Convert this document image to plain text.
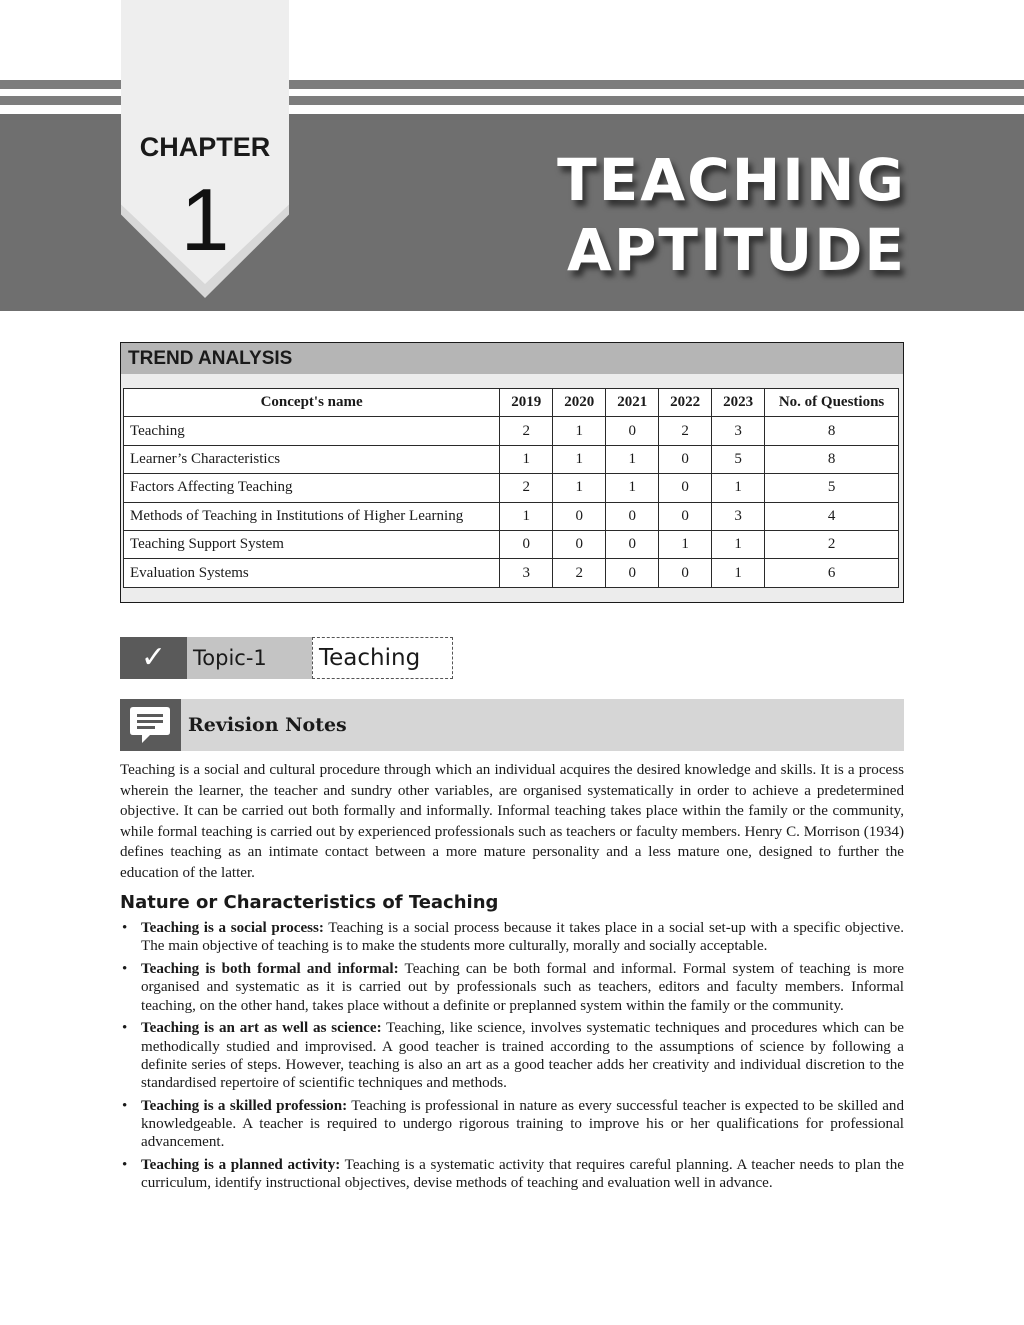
CHAPTER
1	TEACHING
APTITUDE
TREND ANALYSIS
Concept's name	2019	2020	2021	2022	2023	No. of Questions
Teaching	2	1	0	2	3	8
Learner’s Characteristics	1	1	1	0	5	8
Factors Affecting Teaching	2	1	1	0	1	5
Methods of Teaching in Institutions of Higher Learning	1	0	0	0	3	4
Teaching Support System	0	0	0	1	1	2
Evaluation Systems	3	2	0	0	1	6
✓	Topic-1	Teaching
Revision Notes

Teaching is a social and cultural procedure through which an individual acquires the desired knowledge and skills. It is a process wherein the learner, the teacher and sundry other variables, are organised systematically in order to achieve a predetermined objective. It can be carried out both formally and informally. Informal teaching takes place within the family or the community, while formal teaching is carried out by experienced professionals such as teachers or faculty members. Henry C. Morrison (1934) defines teaching as an intimate contact between a more mature personality and a less mature one, designed to further the education of the latter.

Nature or Characteristics of Teaching
• Teaching is a social process: Teaching is a social process because it takes place in a social set-up with a specific objective. The main objective of teaching is to make the students more culturally, morally and socially acceptable.
• Teaching is both formal and informal: Teaching can be both formal and informal. Formal system of teaching is more organised and systematic as it is carried out by professionals such as teachers, editors and faculty members. Informal teaching, on the other hand, takes place without a definite or preplanned system within the family or the community.
• Teaching is an art as well as science: Teaching, like science, involves systematic techniques and procedures which can be methodically studied and improvised. A good teacher is trained according to the assumptions of science by following a definite series of steps. However, teaching is also an art as a good teacher adds her creativity and individual discretion to the standardised repertoire of scientific techniques and methods.
• Teaching is a skilled profession: Teaching is professional in nature as every successful teacher is expected to be skilled and knowledgeable. A teacher is required to undergo rigorous training to improve his or her qualifications for professional advancement.
• Teaching is a planned activity: Teaching is a systematic activity that requires careful planning. A teacher needs to plan the curriculum, identify instructional objectives, devise methods of teaching and evaluation well in advance.
